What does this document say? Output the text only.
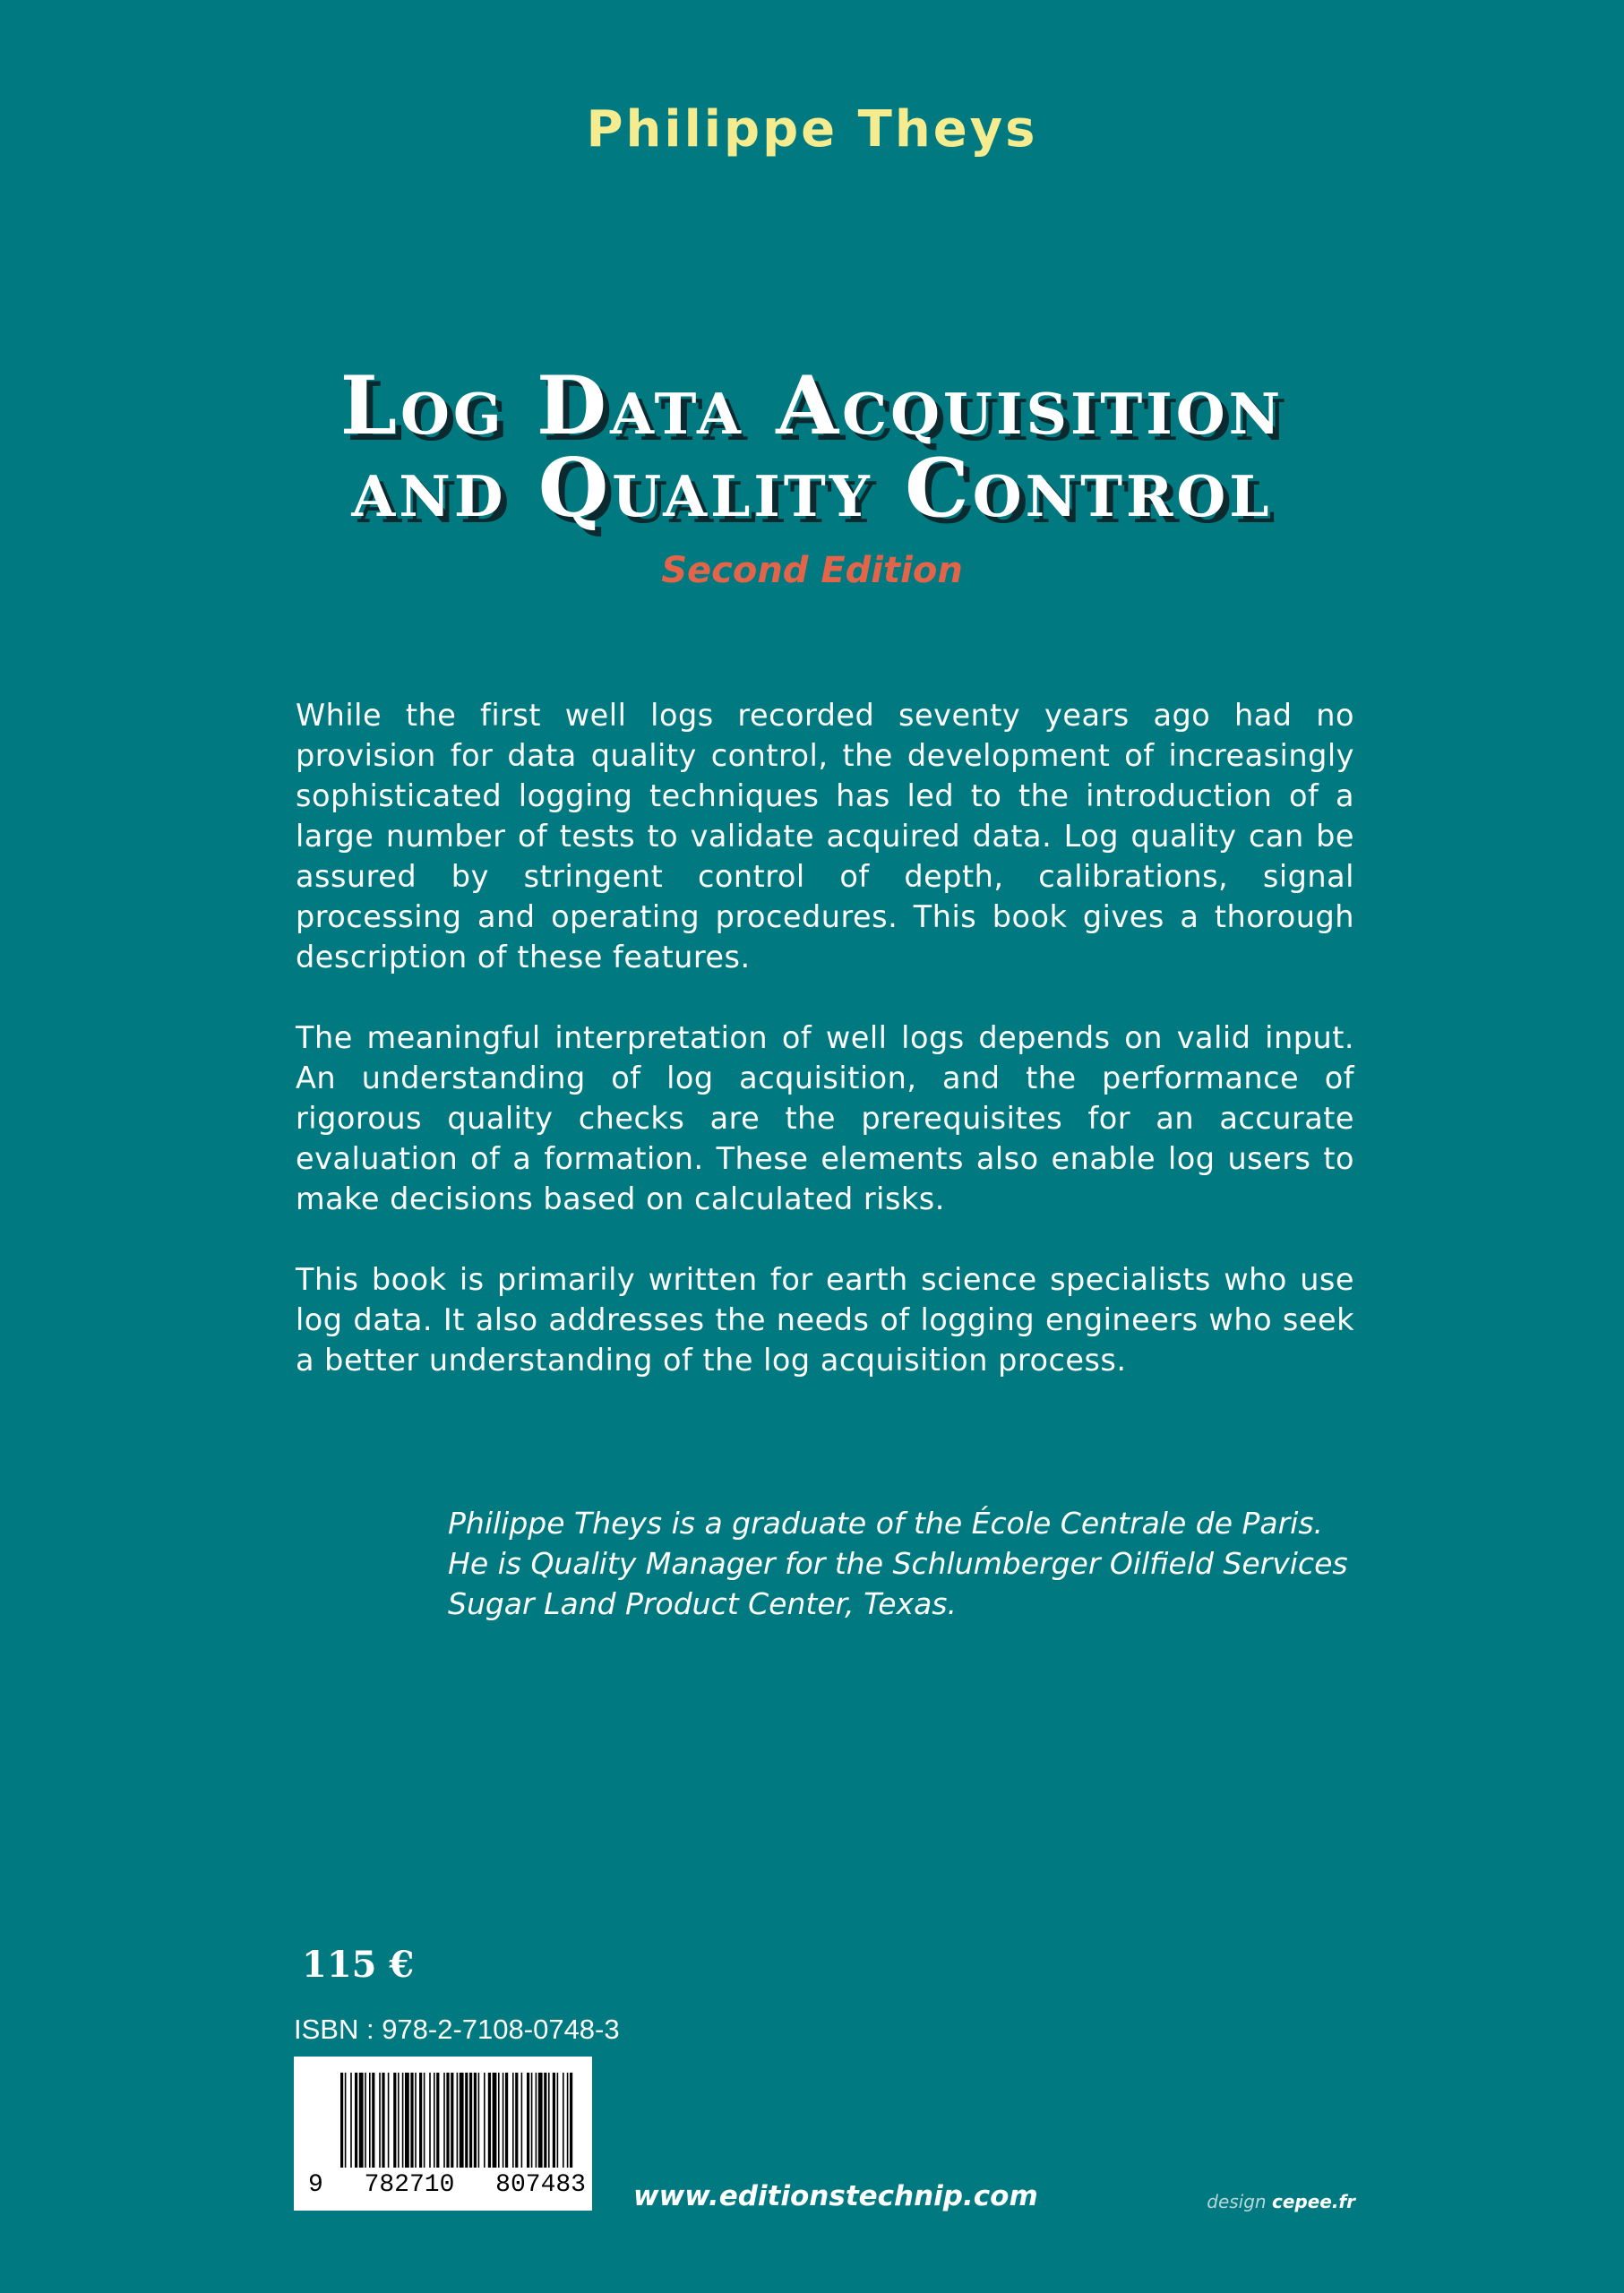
Philippe Theys
Log Data Acquisition
and Quality Control
Second Edition

While the first well logs recorded seventy years ago had no provision for data quality control, the development of increasingly sophisticated logging techniques has led to the introduction of a large number of tests to validate acquired data. Log quality can be assured by stringent control of depth, calibrations, signal processing and operating procedures. This book gives a thorough description of these features.

The meaningful interpretation of well logs depends on valid input. An understanding of log acquisition, and the performance of rigorous quality checks are the prerequisites for an accurate evaluation of a formation. These elements also enable log users to make decisions based on calculated risks.

This book is primarily written for earth science specialists who use log data. It also addresses the needs of logging engineers who seek a better understanding of the log acquisition process.

Philippe Theys is a graduate of the École Centrale de Paris.
He is Quality Manager for the Schlumberger Oilfield Services
Sugar Land Product Center, Texas.
115 €
ISBN : 978-2-7108-0748-3
9 782710 807483 www.editionstechnip.com	design cepee.fr
